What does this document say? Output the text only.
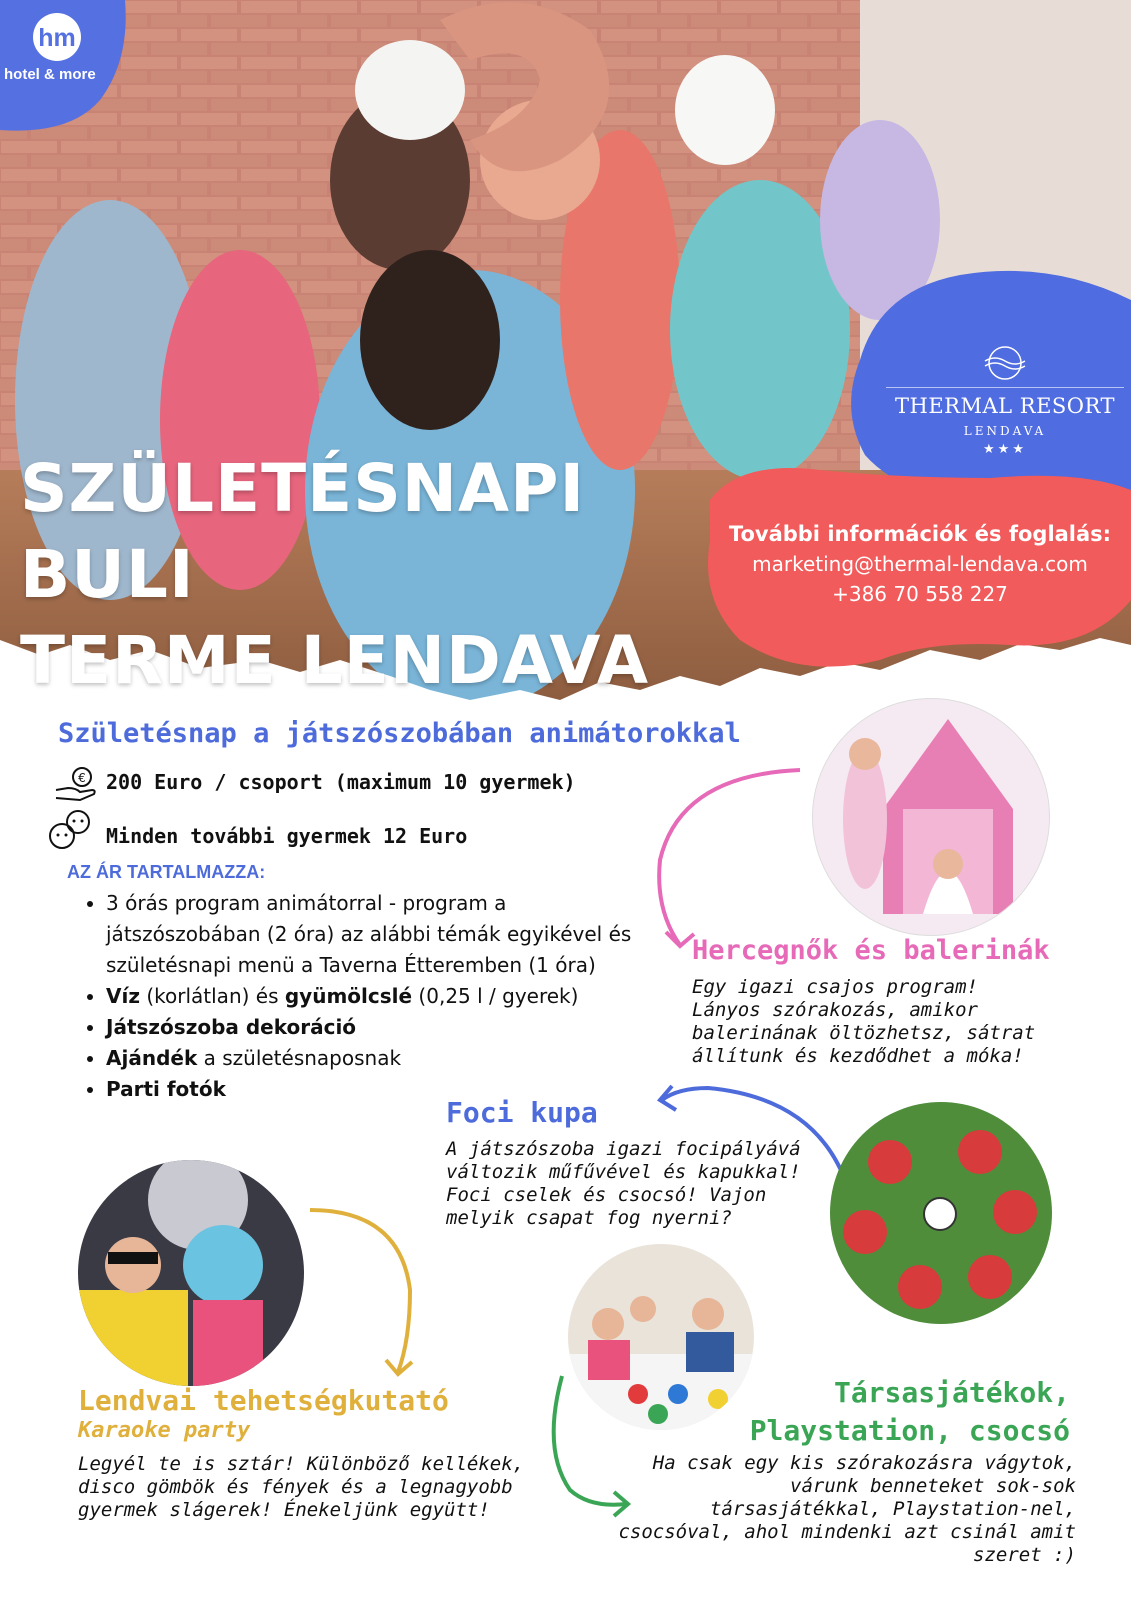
hm
hotel & more
SZÜLETÉSNAPI BULI
TERME LENDAVA
THERMAL RESORT
LENDAVA
★★★
További információk és foglalás:
marketing@thermal-lendava.com
+386 70 558 227
Születésnap a játszószobában animátorokkal
€ 200 Euro / csoport (maximum 10 gyermek)
Minden további gyermek 12 Euro
AZ ÁR TARTALMAZZA:
• 3 órás program animátorral - program a játszószobában (2 óra) az alábbi témák egyikével és születésnapi menü a Taverna Étteremben (1 óra)
• Víz (korlátlan) és gyümölcslé (0,25 l / gyerek)
• Játszószoba dekoráció
• Ajándék a születésnaposnak
• Parti fotók
Hercegnők és balerinák
Egy igazi csajos program! Lányos szórakozás, amikor balerinának öltözhetsz, sátrat állítunk és kezdődhet a móka!
Foci kupa
A játszószoba igazi focipályává változik műfűvével és kapukkal! Foci cselek és csocsó! Vajon melyik csapat fog nyerni?
Lendvai tehetségkutató
Karaoke party
Legyél te is sztár! Különböző kellékek, disco gömbök és fények és a legnagyobb gyermek slágerek! Énekeljünk együtt!
Társasjátékok,
Playstation, csocsó
Ha csak egy kis szórakozásra vágytok, várunk benneteket sok-sok társasjátékkal, Playstation-nel, csocsóval, ahol mindenki azt csinál amit szeret :)
